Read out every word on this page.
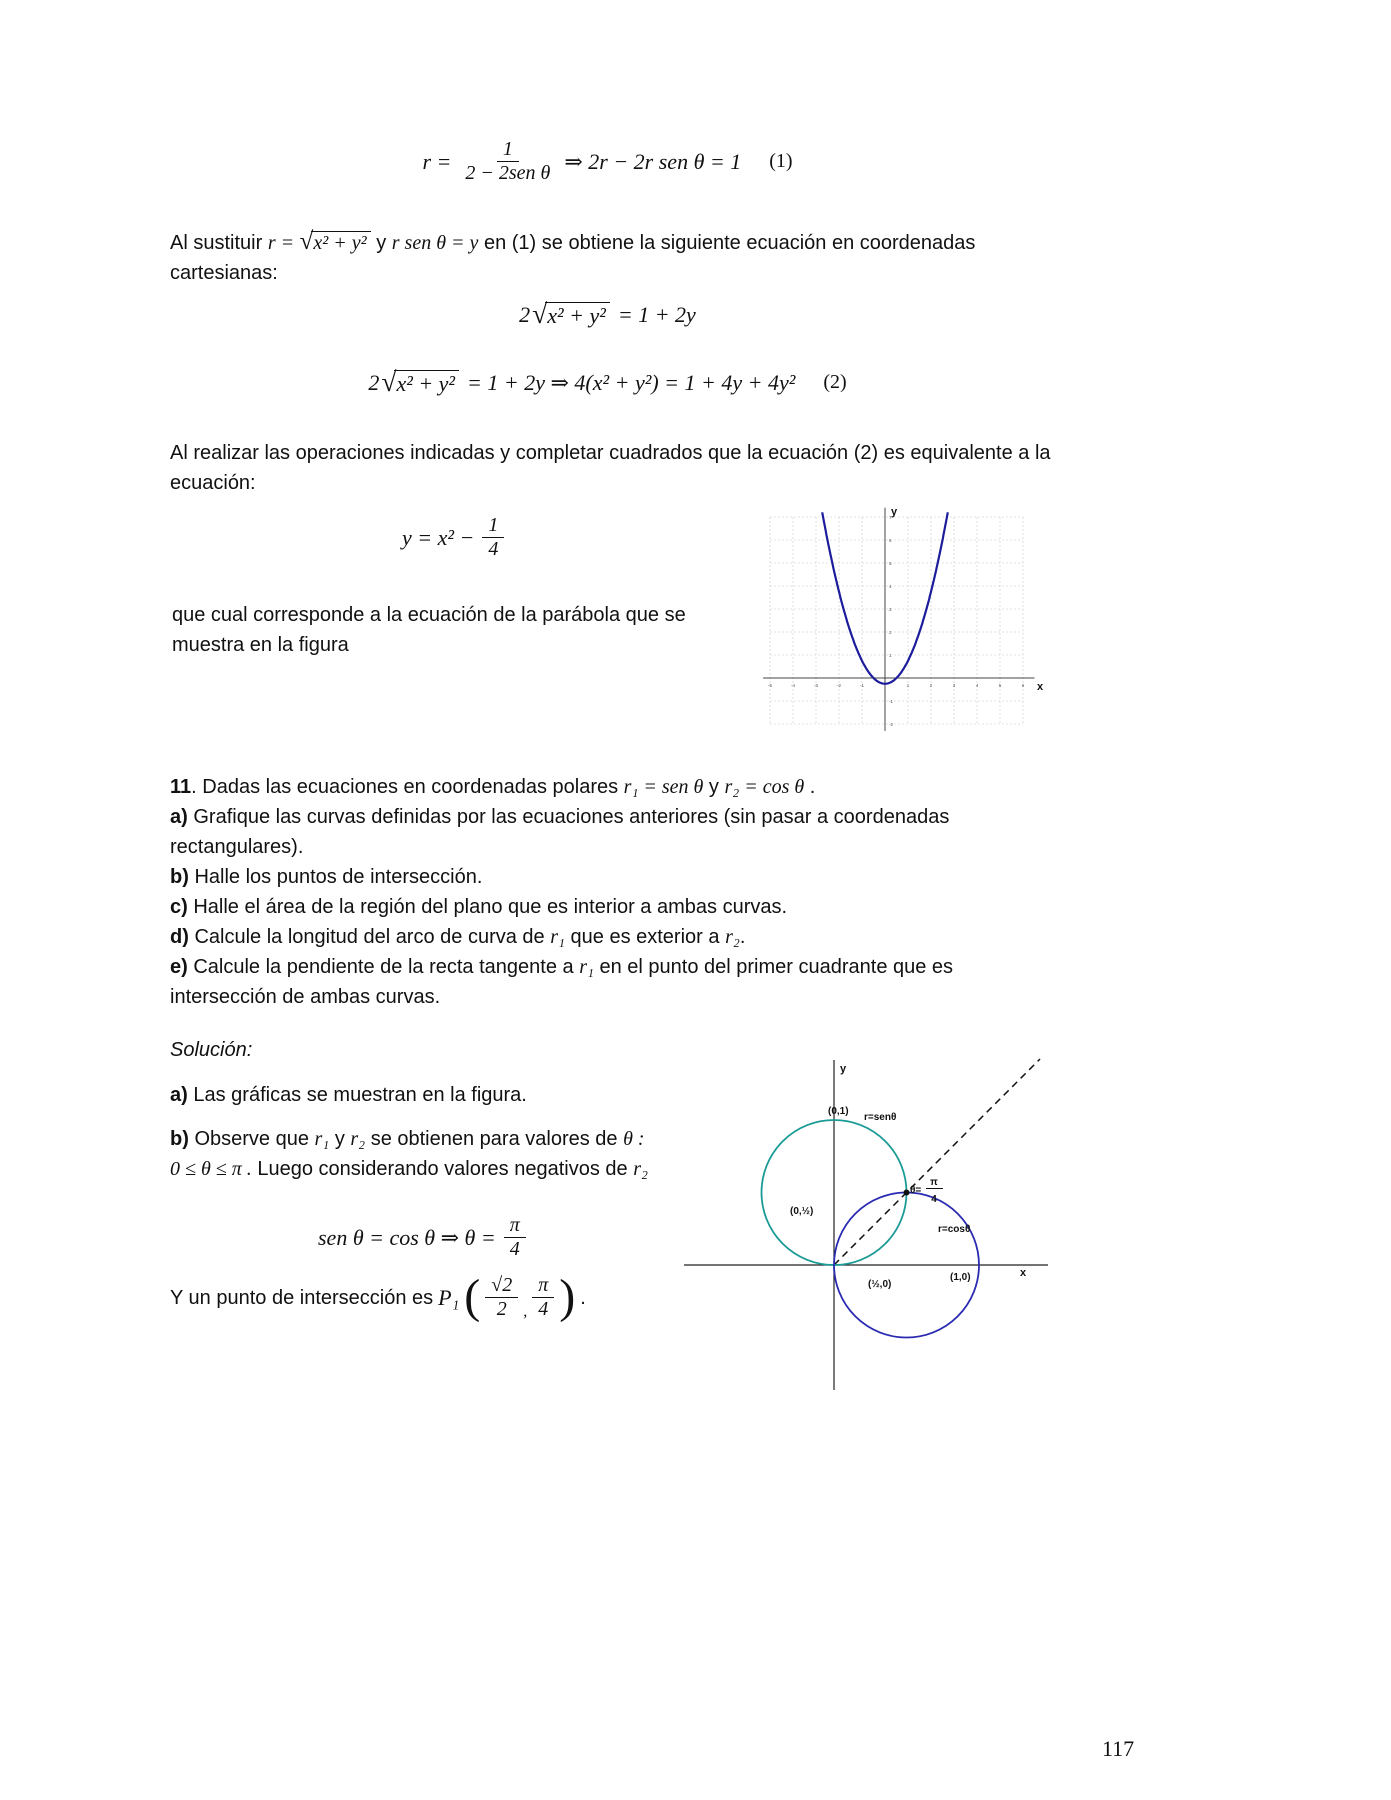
$r = \frac{1}{\text{2 − 2sen θ}}$ ⇒ 2r − 2r sen θ = 1 (1)

Al sustituir r = √x² + y² y r sen θ = y en (1) se obtiene la siguiente ecuación en coordenadas
cartesianas:

2 √x² + y² = 1 + 2y
2 √x² + y² = 1 + 2y ⇒ 4(x² + y²) = 1 + 4y + 4y² (2)

Al realizar las operaciones indicadas y completar cuadrados que la ecuación (2) es equivalente a la
ecuación:

$y = x^2 - \frac{1}{4}$

que cual corresponde a la ecuación de la parábola que se
muestra en la figura

-5	-4	-3	-2	-1	1	2	3	4	5	6
-2
-1
1
2
3
4
5
6
7 y
x

11. Dadas las ecuaciones en coordenadas polares r₁ = sen θ y r₂ = cos θ .

a) Grafique las curvas definidas por las ecuaciones anteriores (sin pasar a coordenadas
rectangulares).

b) Halle los puntos de intersección.

c) Halle el área de la región del plano que es interior a ambas curvas.

d) Calcule la longitud del arco de curva de r₁ que es exterior a r₂.

e) Calcule la pendiente de la recta tangente a r₁ en el punto del primer cuadrante que es
intersección de ambas curvas.

Solución:

a) Las gráficas se muestran en la figura.

b) Observe que r₁ y r₂ se obtienen para valores de θ :
0 ≤ θ ≤ π . Luego considerando valores negativos de r₂

sen θ = cos θ ⇒ $\theta = \frac{\pi}{4}$
Y un punto de intersección es P₁ ( $\frac{√2}{2}$ , $\frac{\pi}{4}$ ) .
y
x
(0,1)
r=senθ
θ=
π
4
(0,½)
r=cosθ
(½,0)
(1,0)
117
